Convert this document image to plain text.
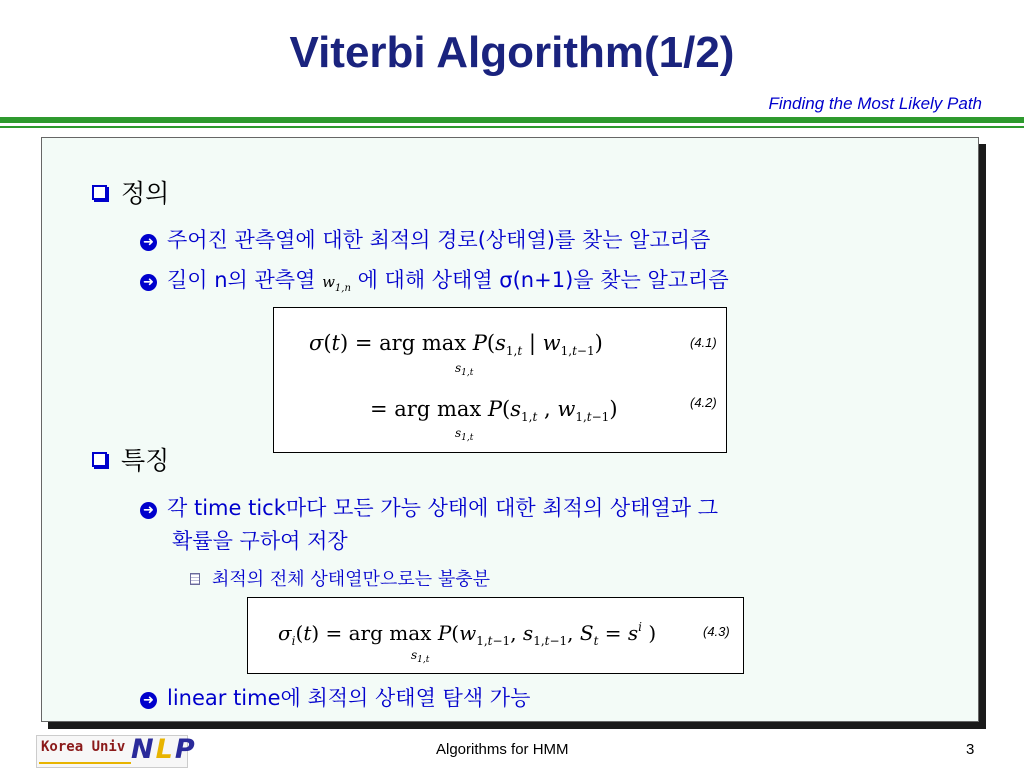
Viterbi Algorithm(1/2)
Finding the Most Likely Path
정의
➜ 주어진 관측열에 대한 최적의 경로(상태열)를 찾는 알고리즘
➜ 길이 n의 관측열 $w_{1,n}$ 에 대해 상태열 σ(n+1)을 찾는 알고리즘
σ(t) = arg $\max P(s_{1,t}$ | $w_{1,t-1}$)
$s_{1,t}$
(4.1)
= arg $\max P(s_{1,t}$ , $w_{1,t-1}$)
$s_{1,t}$
(4.2)
특징
➜ 각 time tick마다 모든 가능 상태에 대한 최적의 상태열과 그
확률을 구하여 저장
최적의 전체 상태열만으로는 불충분
$\sigma_i(t)$ = arg $\max P(w_{1,t-1}$, $s_{1,t-1}$, $S_t = s^i$ )
$s_{1,t}$
(4.3)
➜ linear time에 최적의 상태열 탐색 가능
Korea Univ NLP	Algorithms for HMM	3
